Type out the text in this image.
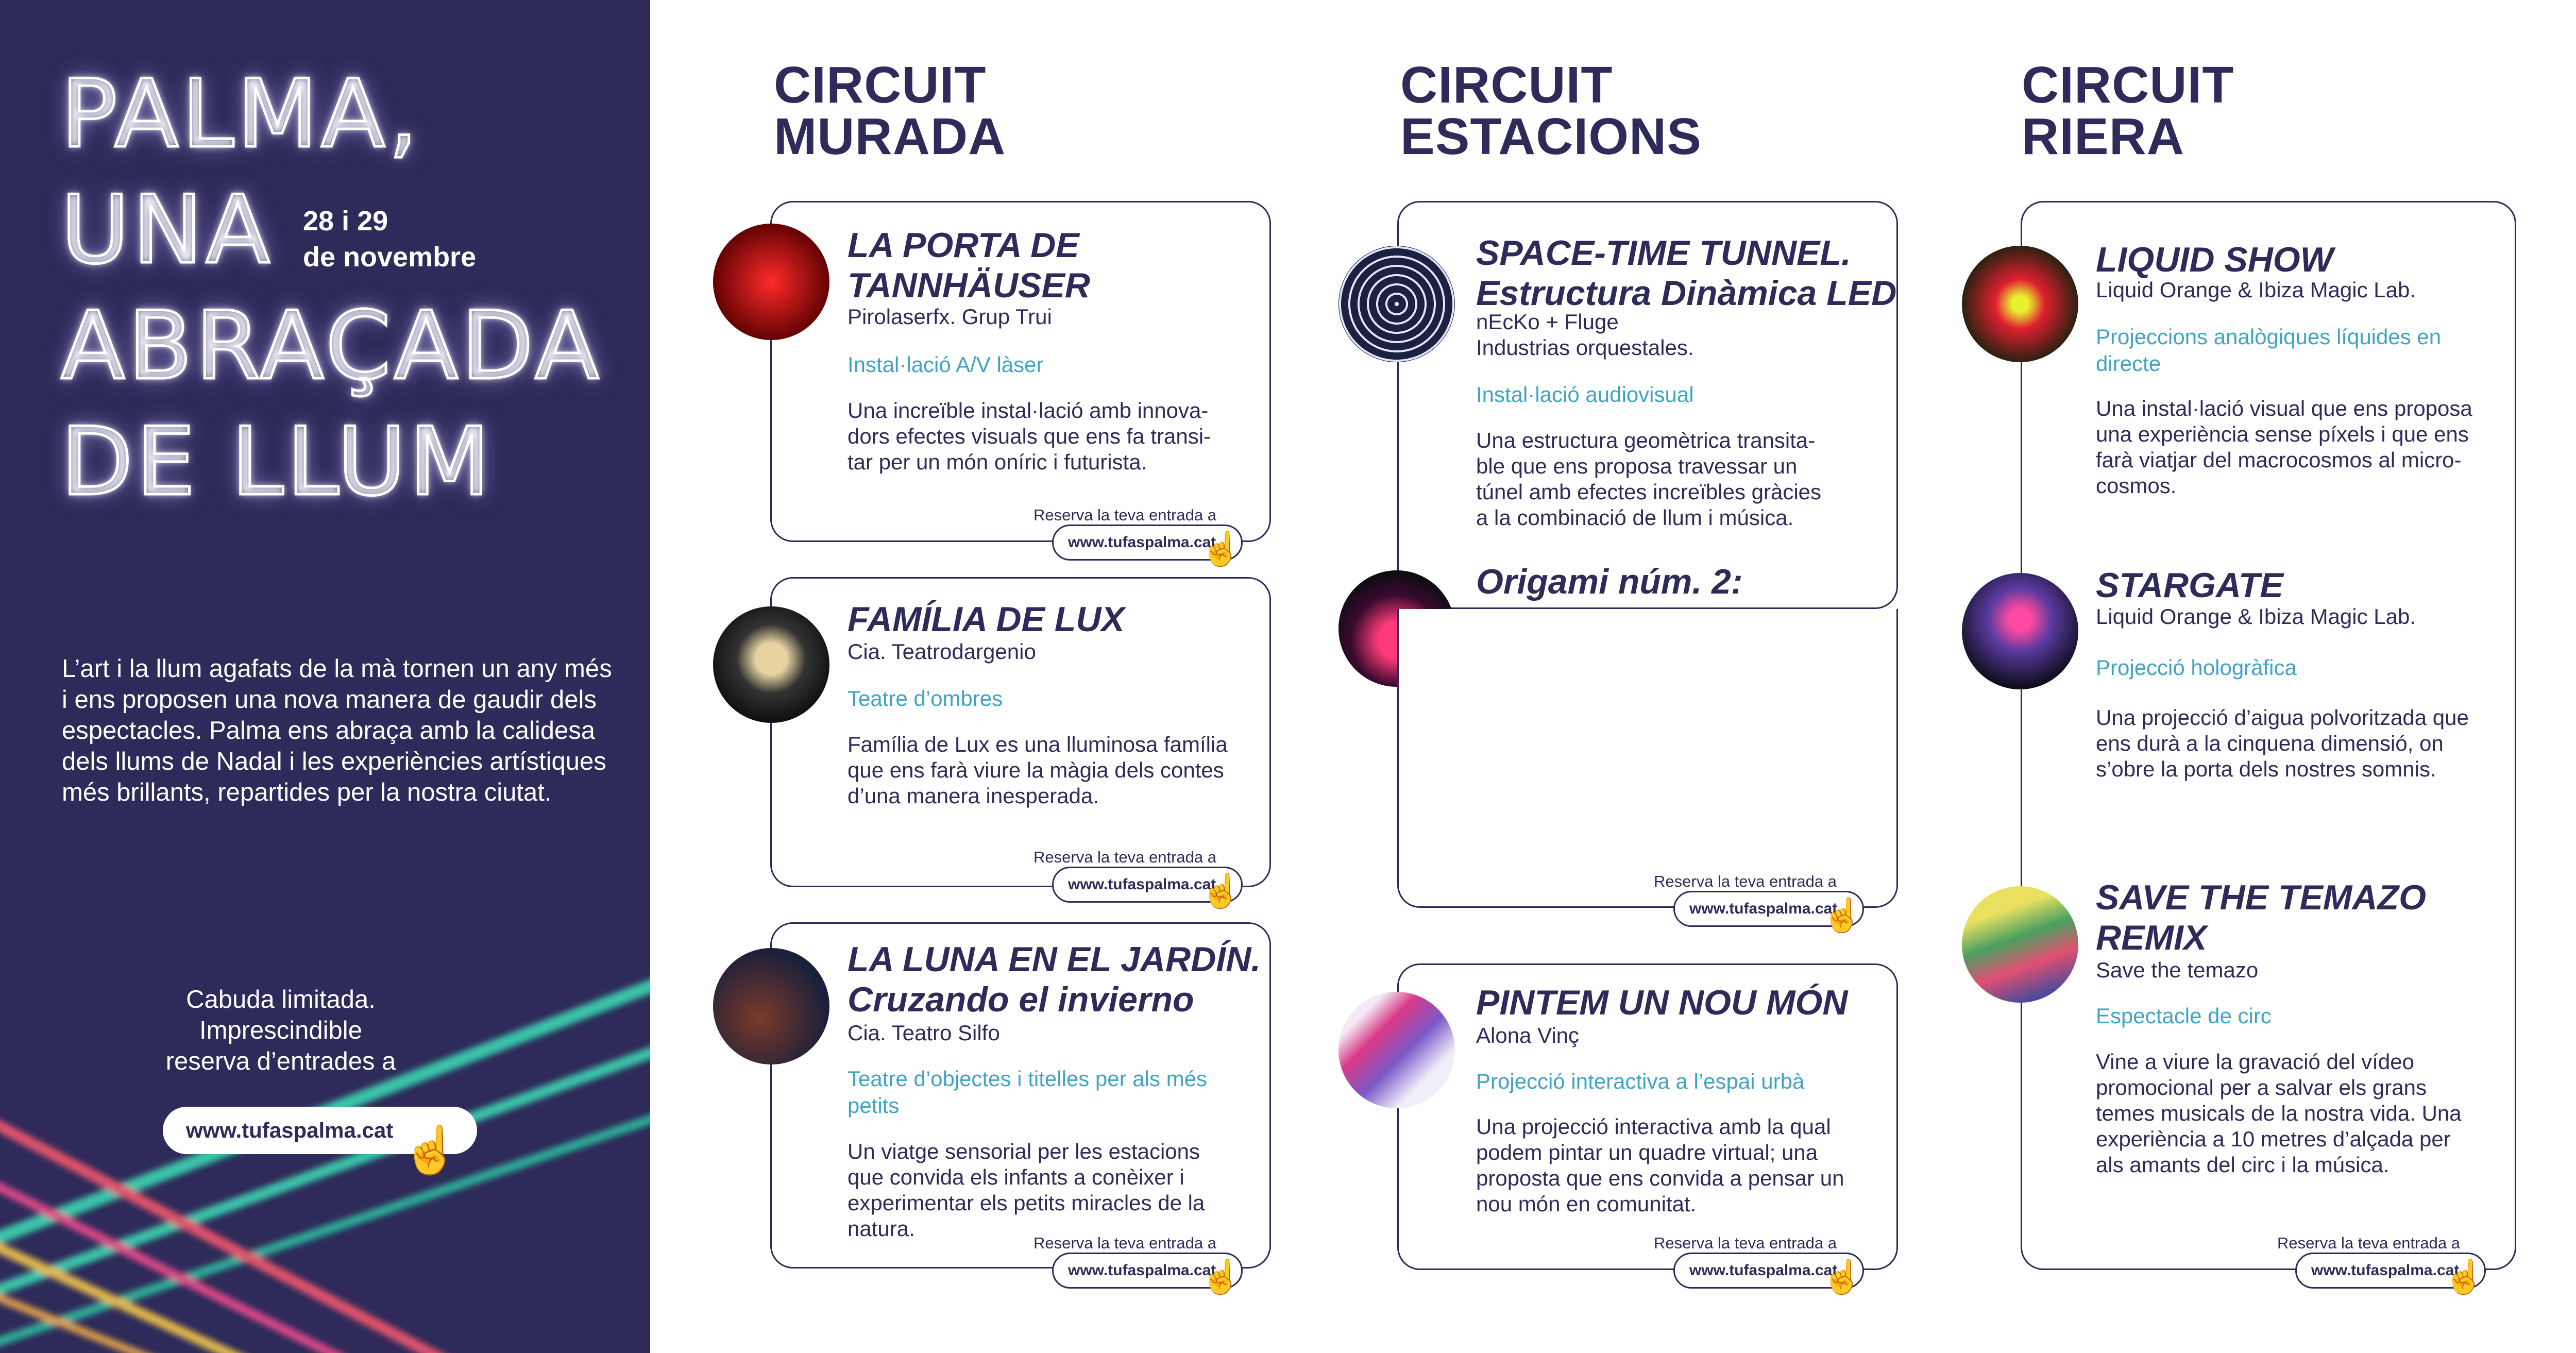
PALMA,
UNA
ABRAÇADA
DE LLUM
28 i 29
de novembre
L’art i la llum agafats de la mà tornen un any més i ens proposen una nova manera de gaudir dels espectacles. Palma ens abraça amb la calidesa dels llums de Nadal i les experiències artístiques més brillants, repartides per la nostra ciutat.
Cabuda limitada.
Imprescindible
reserva d’entrades a
www.tufaspalma.cat ☝
CIRCUIT
MURADA
CIRCUIT
ESTACIONS
CIRCUIT
RIERA
LA PORTA DE
TANNHÄUSER
Pirolaserfx. Grup Trui
Instal·lació A/V làser
Una increïble instal·lació amb innova-
dors efectes visuals que ens fa transi-
tar per un món oníric i futurista.
Reserva la teva entrada a
www.tufaspalma.cat
☝
FAMÍLIA DE LUX
Cia. Teatrodargenio
Teatre d’ombres
Família de Lux es una lluminosa família
que ens farà viure la màgia dels contes
d’una manera inesperada.
Reserva la teva entrada a
www.tufaspalma.cat
☝
LA LUNA EN EL JARDÍN.
Cruzando el invierno
Cia. Teatro Silfo
Teatre d’objectes i titelles per als més
petits
Un viatge sensorial per les estacions
que convida els infants a conèixer i
experimentar els petits miracles de la
natura.
Reserva la teva entrada a
www.tufaspalma.cat
☝
SPACE-TIME TUNNEL.
Estructura Dinàmica LED
nEcKo + Fluge
Industrias orquestales.
Instal·lació audiovisual
Una estructura geomètrica transita-
ble que ens proposa travessar un
túnel amb efectes increïbles gràcies
a la combinació de llum i música.
Origami núm. 2:
Reserva la teva entrada a
www.tufaspalma.cat
☝
PINTEM UN NOU MÓN
Alona Vinç
Projecció interactiva a l’espai urbà
Una projecció interactiva amb la qual
podem pintar un quadre virtual; una
proposta que ens convida a pensar un
nou món en comunitat.
Reserva la teva entrada a
www.tufaspalma.cat
☝
LIQUID SHOW
Liquid Orange & Ibiza Magic Lab.
Projeccions analògiques líquides en
directe
Una instal·lació visual que ens proposa
una experiència sense píxels i que ens
farà viatjar del macrocosmos al micro-
cosmos.
STARGATE
Liquid Orange & Ibiza Magic Lab.
Projecció hologràfica
Una projecció d’aigua polvoritzada que
ens durà a la cinquena dimensió, on
s’obre la porta dels nostres somnis.
SAVE THE TEMAZO
REMIX
Save the temazo
Espectacle de circ
Vine a viure la gravació del vídeo
promocional per a salvar els grans
temes musicals de la nostra vida. Una
experiència a 10 metres d’alçada per
als amants del circ i la música.
Reserva la teva entrada a
www.tufaspalma.cat
☝
